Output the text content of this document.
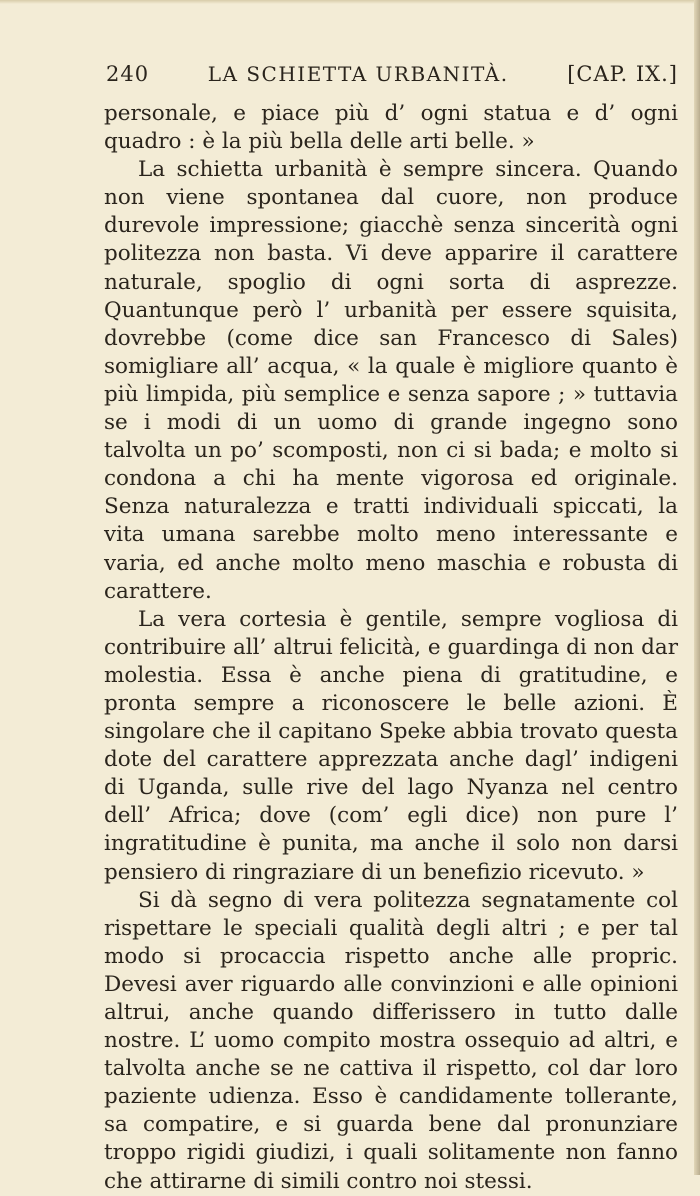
240	LA SCHIETTA URBANITÀ.	[CAP. IX.]

personale, e piace più d’ ogni statua e d’ ogni quadro : è la più bella delle arti belle. »

La schietta urbanità è sempre sincera. Quando non viene spontanea dal cuore, non produce durevole impressione; giacchè senza sincerità ogni politezza non basta. Vi deve apparire il carattere naturale, spoglio di ogni sorta di asprezze. Quantunque però l’ urbanità per essere squisita, dovrebbe (come dice san Francesco di Sales) somigliare all’ acqua, « la quale è migliore quanto è più limpida, più semplice e senza sapore ; » tuttavia se i modi di un uomo di grande ingegno sono talvolta un po’ scomposti, non ci si bada; e molto si condona a chi ha mente vigorosa ed originale. Senza naturalezza e tratti individuali spiccati, la vita umana sarebbe molto meno interessante e varia, ed anche molto meno maschia e robusta di carattere.

La vera cortesia è gentile, sempre vogliosa di contribuire all’ altrui felicità, e guardinga di non dar molestia. Essa è anche piena di gratitudine, e pronta sempre a riconoscere le belle azioni. È singolare che il capitano Speke abbia trovato questa dote del carattere apprezzata anche dagl’ indigeni di Uganda, sulle rive del lago Nyanza nel centro dell’ Africa; dove (com’ egli dice) non pure l’ ingratitudine è punita, ma anche il solo non darsi pensiero di ringraziare di un benefizio ricevuto. »

Si dà segno di vera politezza segnatamente col rispettare le speciali qualità degli altri ; e per tal modo si procaccia rispetto anche alle propric. Devesi aver riguardo alle convinzioni e alle opinioni altrui, anche quando differissero in tutto dalle nostre. L’ uomo compito mostra ossequio ad altri, e talvolta anche se ne cattiva il rispetto, col dar loro paziente udienza. Esso è candidamente tollerante, sa compatire, e si guarda bene dal pronunziare troppo rigidi giudizi, i quali solitamente non fanno che attirarne di simili contro noi stessi.
